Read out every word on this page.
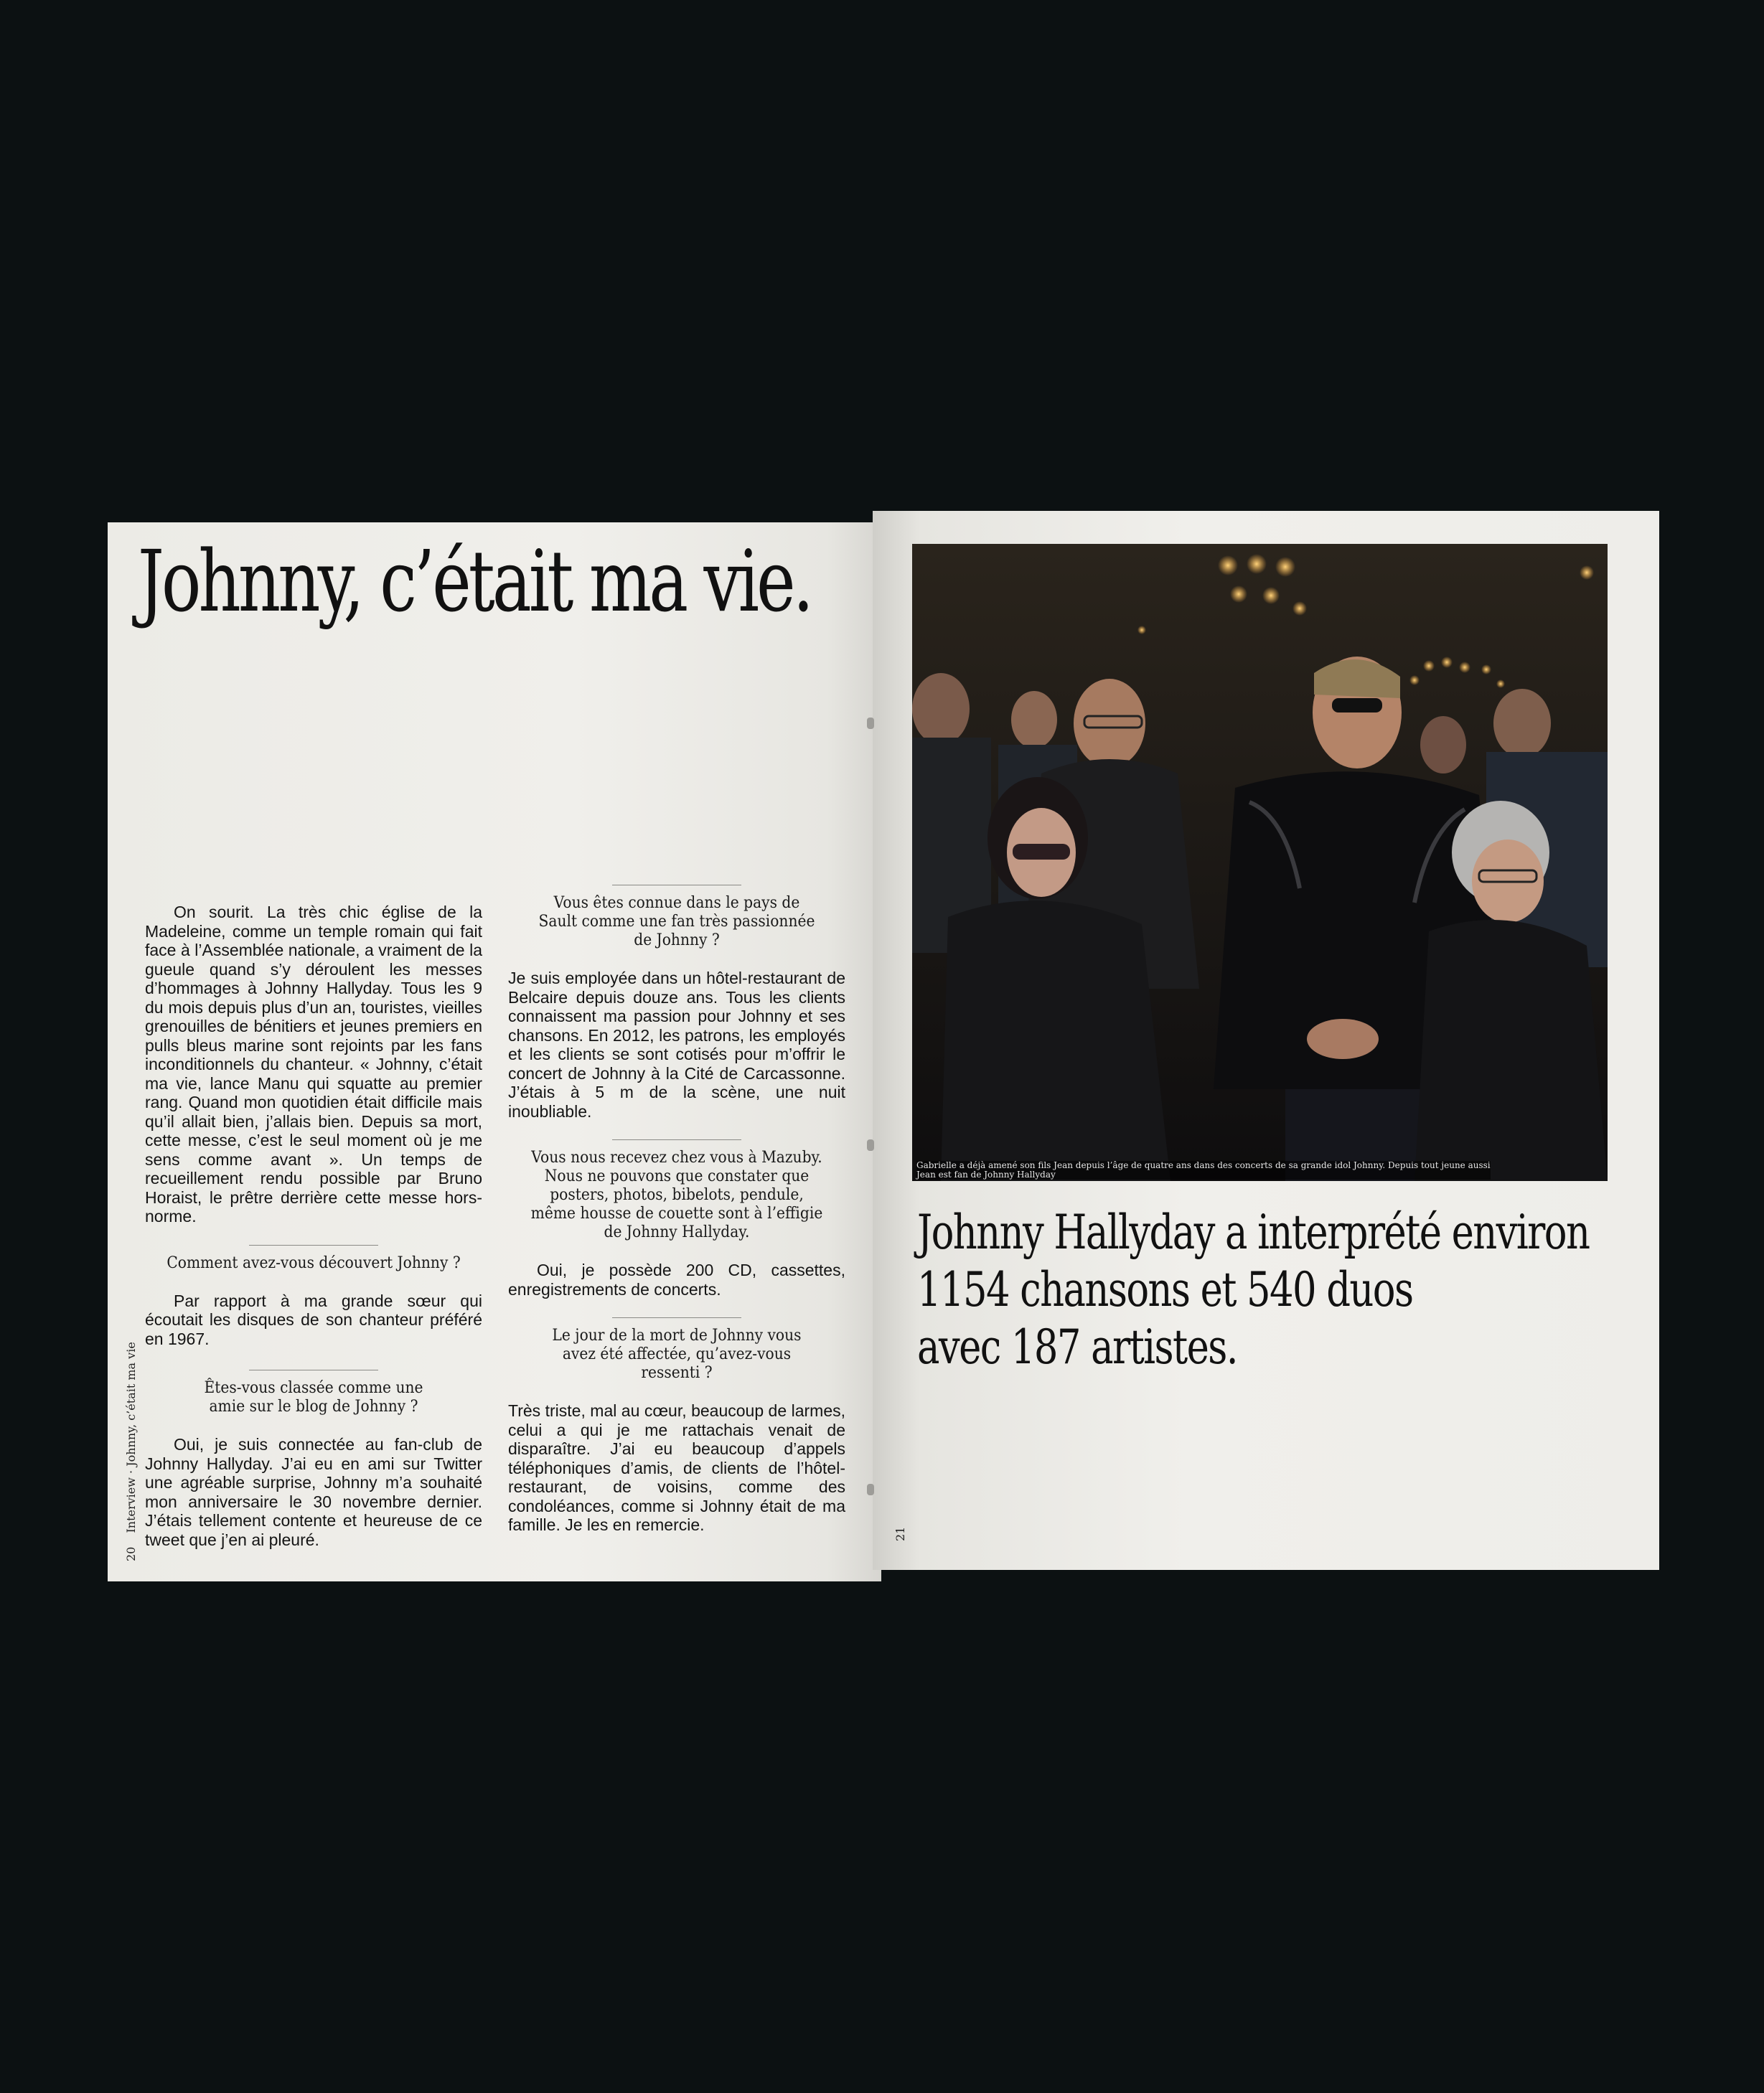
Johnny, c’était ma vie.

On sourit. La très chic église de la Madeleine, comme un temple romain qui fait face à l’Assemblée nationale, a vraiment de la gueule quand s’y déroulent les messes d’hommages à Johnny Hallyday. Tous les 9 du mois depuis plus d’un an, touristes, vieilles grenouilles de bénitiers et jeunes premiers en pulls bleus marine sont rejoints par les fans inconditionnels du chanteur. « Johnny, c’était ma vie, lance Manu qui squatte au premier rang. Quand mon quotidien était difficile mais qu’il allait bien, j’allais bien. Depuis sa mort, cette messe, c’est le seul moment où je me sens comme avant ». Un temps de recueillement rendu possible par Bruno Horaist, le prêtre derrière cette messe hors-norme.

Comment avez-vous découvert Johnny ?

Par rapport à ma grande sœur qui écoutait les disques de son chanteur préféré en 1967.

Êtes-vous classée comme une amie sur le blog de Johnny ?

Oui, je suis connectée au fan-club de Johnny Hallyday. J’ai eu en ami sur Twitter une agréable surprise, Johnny m’a souhaité mon anniversaire le 30 novembre dernier. J’étais tellement contente et heureuse de ce tweet que j’en ai pleuré.

Vous êtes connue dans le pays de Sault comme une fan très passionnée de Johnny ?

Je suis employée dans un hôtel-restaurant de Belcaire depuis douze ans. Tous les clients connaissent ma passion pour Johnny et ses chansons. En 2012, les patrons, les employés et les clients se sont cotisés pour m’offrir le concert de Johnny à la Cité de Carcassonne. J’étais à 5 m de la scène, une nuit inoubliable.

Vous nous recevez chez vous à Mazuby. Nous ne pouvons que constater que posters, photos, bibelots, pendule, même housse de couette sont à l’effigie de Johnny Hallyday.

Oui, je possède 200 CD, cassettes, enregistrements de concerts.

Le jour de la mort de Johnny vous avez été affectée, qu’avez-vous ressenti ?

Très triste, mal au cœur, beaucoup de larmes, celui a qui je me rattachais venait de disparaître. J’ai eu beaucoup d’appels téléphoniques d’amis, de clients de l’hôtel-restaurant, de voisins, comme des condoléances, comme si Johnny était de ma famille. Je les en remercie.

20 Interview · Johnny, c’était ma vie
Gabrielle a déjà amené son fils Jean depuis l’âge de quatre ans dans des concerts de sa grande idol Johnny. Depuis tout jeune aussi Jean est fan de Johnny Hallyday
Johnny Hallyday a interprété environ
1154 chansons et 540 duos
avec 187 artistes.
21
